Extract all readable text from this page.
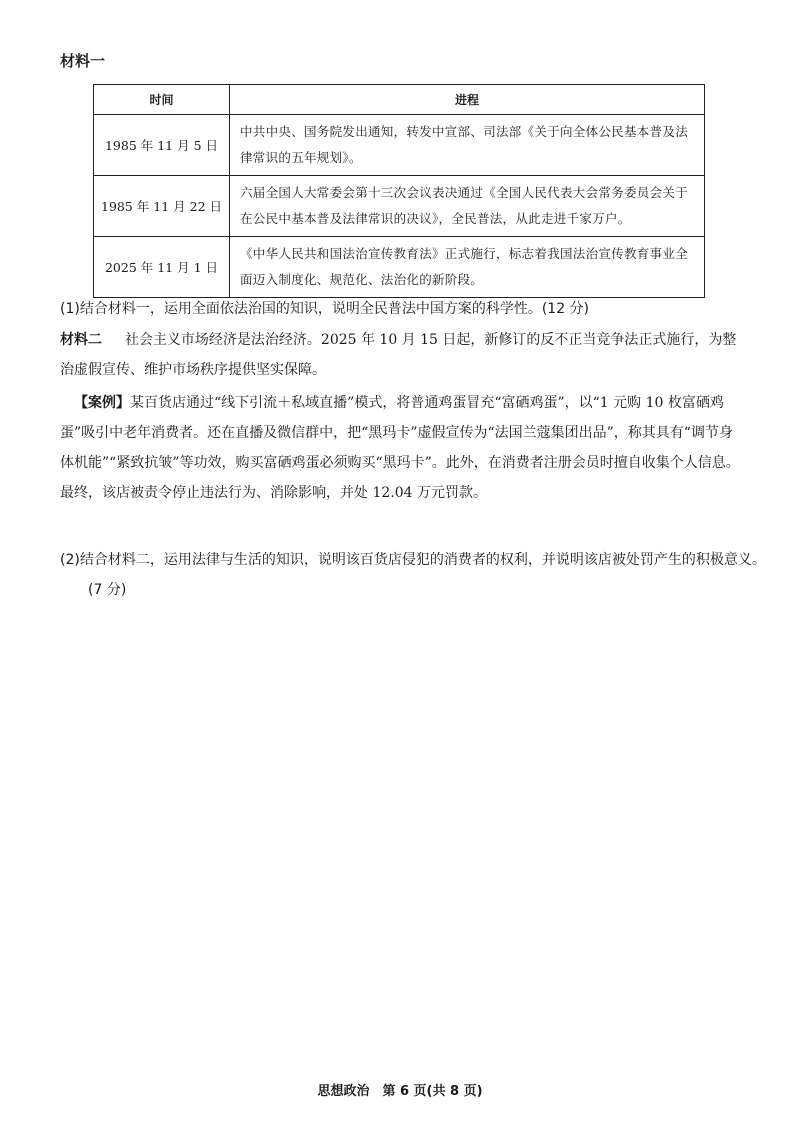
材料一
时间	进程
1985 年 11 月 5 日	中共中央、国务院发出通知，转发中宣部、司法部《关于向全体公民基本普及法律常识的五年规划》。
1985 年 11 月 22 日	六届全国人大常委会第十三次会议表决通过《全国人民代表大会常务委员会关于在公民中基本普及法律常识的决议》，全民普法，从此走进千家万户。
2025 年 11 月 1 日	《中华人民共和国法治宣传教育法》正式施行，标志着我国法治宣传教育事业全面迈入制度化、规范化、法治化的新阶段。
(1)结合材料一，运用全面依法治国的知识，说明全民普法中国方案的科学性。(12 分)
材料二 　 社会主义市场经济是法治经济。2025 年 10 月 15 日起，新修订的反不正当竞争法正式施行，为整治虚假宣传、维护市场秩序提供坚实保障。
【案例】某百货店通过“线下引流＋私域直播”模式，将普通鸡蛋冒充“富硒鸡蛋”，以“1 元购 10 枚富硒鸡蛋”吸引中老年消费者。还在直播及微信群中，把“黑玛卡”虚假宣传为“法国兰蔻集团出品”，称其具有“调节身体机能”“紧致抗皱”等功效，购买富硒鸡蛋必须购买“黑玛卡”。此外，在消费者注册会员时擅自收集个人信息。最终，该店被责令停止违法行为、消除影响，并处 12.04 万元罚款。
(2)结合材料二，运用法律与生活的知识，说明该百货店侵犯的消费者的权利，并说明该店被处罚产生的积极意义。(7 分)
思想政治　第 6 页(共 8 页)
